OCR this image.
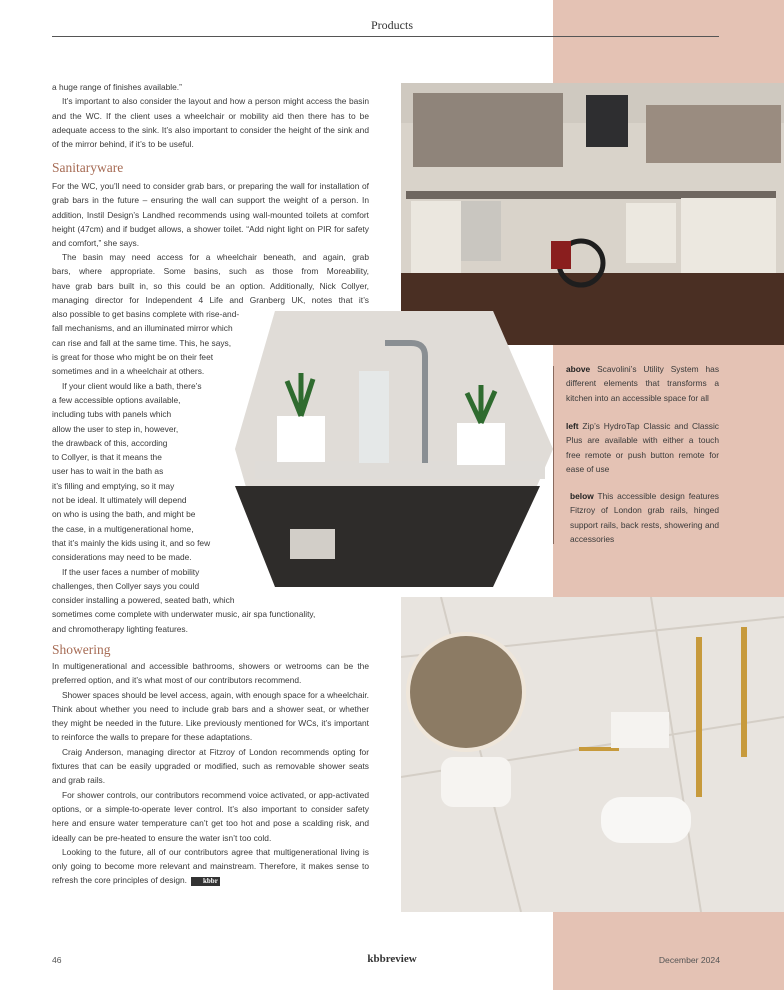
Products

a huge range of finishes available.”

It’s important to also consider the layout and how a person might access the basin and the WC. If the client uses a wheelchair or mobility aid then there has to be adequate access to the sink. It’s also important to consider the height of the sink and of the mirror behind, if it’s to be useful.

Sanitaryware

For the WC, you’ll need to consider grab bars, or preparing the wall for installation of grab bars in the future – ensuring the wall can support the weight of a person. In addition, Instil Design’s Landhed recommends using wall-mounted toilets at comfort height (47cm) and if budget allows, a shower toilet. “Add night light on PIR for safety and comfort,” she says.

The basin may need access for a wheelchair beneath, and again, grab
bars, where appropriate. Some basins, such as those from Moreability,
have grab bars built in, so this could be an option. Additionally, Nick Collyer,
managing director for Independent 4 Life and Granberg UK, notes that it’s
also possible to get basins complete with rise-and-
fall mechanisms, and an illuminated mirror which
can rise and fall at the same time. This, he says,
is great for those who might be on their feet
sometimes and in a wheelchair at others.
If your client would like a bath, there’s
a few accessible options available,
including tubs with panels which
allow the user to step in, however,
the drawback of this, according
to Collyer, is that it means the
user has to wait in the bath as
it’s filling and emptying, so it may
not be ideal. It ultimately will depend
on who is using the bath, and might be
the case, in a multigenerational home,
that it’s mainly the kids using it, and so few
considerations may need to be made.
If the user faces a number of mobility
challenges, then Collyer says you could
consider installing a powered, seated bath, which
sometimes come complete with underwater music, air spa functionality,
and chromotherapy lighting features.
Showering

In multigenerational and accessible bathrooms, showers or wetrooms can be the preferred option, and it’s what most of our contributors recommend.

Shower spaces should be level access, again, with enough space for a wheelchair. Think about whether you need to include grab bars and a shower seat, or whether they might be needed in the future. Like previously mentioned for WCs, it’s important to reinforce the walls to prepare for these adaptations.

Craig Anderson, managing director at Fitzroy of London recommends opting for fixtures that can be easily upgraded or modified, such as removable shower seats and grab rails.

For shower controls, our contributors recommend voice activated, or app-activated options, or a simple-to-operate lever control. It’s also important to consider safety here and ensure water temperature can’t get too hot and pose a scalding risk, and ideally can be pre-heated to ensure the water isn’t too cold.

Looking to the future, all of our contributors agree that multigenerational living is only going to become more relevant and mainstream. Therefore, it makes sense to refresh the core principles of design. kbbr

above Scavolini’s Utility System has different elements that transforms a kitchen into an accessible space for all
left Zip’s HydroTap Classic and Classic Plus are available with either a touch free remote or push button remote for ease of use
below This accessible design features Fitzroy of London grab rails, hinged support rails, back rests, showering and accessories
46	kbbreview	December 2024
